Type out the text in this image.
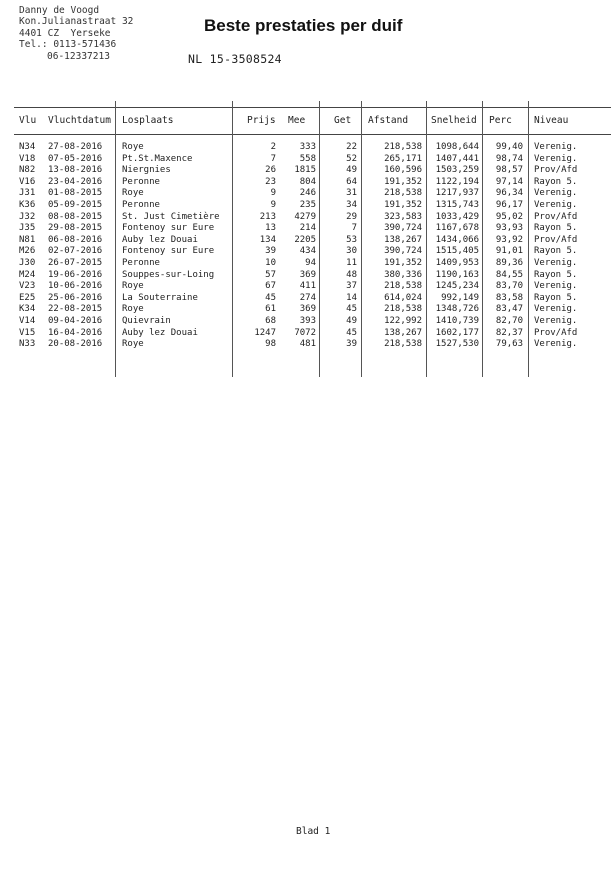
Danny de Voogd
Kon.Julianastraat 32
4401 CZ  Yerseke
Tel.: 0113-571436
06-12337213
Beste prestaties per duif
NL 15-3508524
Vlu Vluchtdatum Losplaats	Prijs Mee	Get Afstand Snelheid Perc Niveau
N34	27-08-2016	Roye	2	333	22	218,538	1098,644	99,40 Verenig.
V18	07-05-2016	Pt.St.Maxence	7	558	52	265,171	1407,441	98,74 Verenig.
N82	13-08-2016	Niergnies	26	1815	49	160,596	1503,259	98,57 Prov/Afd
V16	23-04-2016	Peronne	23	804	64	191,352	1122,194	97,14 Rayon 5.
J31	01-08-2015	Roye	9	246	31	218,538	1217,937	96,34 Verenig.
K36	05-09-2015	Peronne	9	235	34	191,352	1315,743	96,17 Verenig.
J32	08-08-2015	St. Just Cimetière	213	4279	29	323,583	1033,429	95,02 Prov/Afd
J35	29-08-2015	Fontenoy sur Eure	13	214	7	390,724	1167,678	93,93 Rayon 5.
N81	06-08-2016	Auby lez Douai	134	2205	53	138,267	1434,066	93,92 Prov/Afd
M26	02-07-2016	Fontenoy sur Eure	39	434	30	390,724	1515,405	91,01 Rayon 5.
J30	26-07-2015	Peronne	10	94	11	191,352	1409,953	89,36 Verenig.
M24	19-06-2016	Souppes-sur-Loing	57	369	48	380,336	1190,163	84,55 Rayon 5.
V23	10-06-2016	Roye	67	411	37	218,538	1245,234	83,70 Verenig.
E25	25-06-2016	La Souterraine	45	274	14	614,024	992,149	83,58 Rayon 5.
K34	22-08-2015	Roye	61	369	45	218,538	1348,726	83,47 Verenig.
V14	09-04-2016	Quievrain	68	393	49	122,992	1410,739	82,70 Verenig.
V15	16-04-2016	Auby lez Douai	1247	7072	45	138,267	1602,177	82,37 Prov/Afd
N33	20-08-2016	Roye	98	481	39	218,538	1527,530	79,63 Verenig.
Blad 1
